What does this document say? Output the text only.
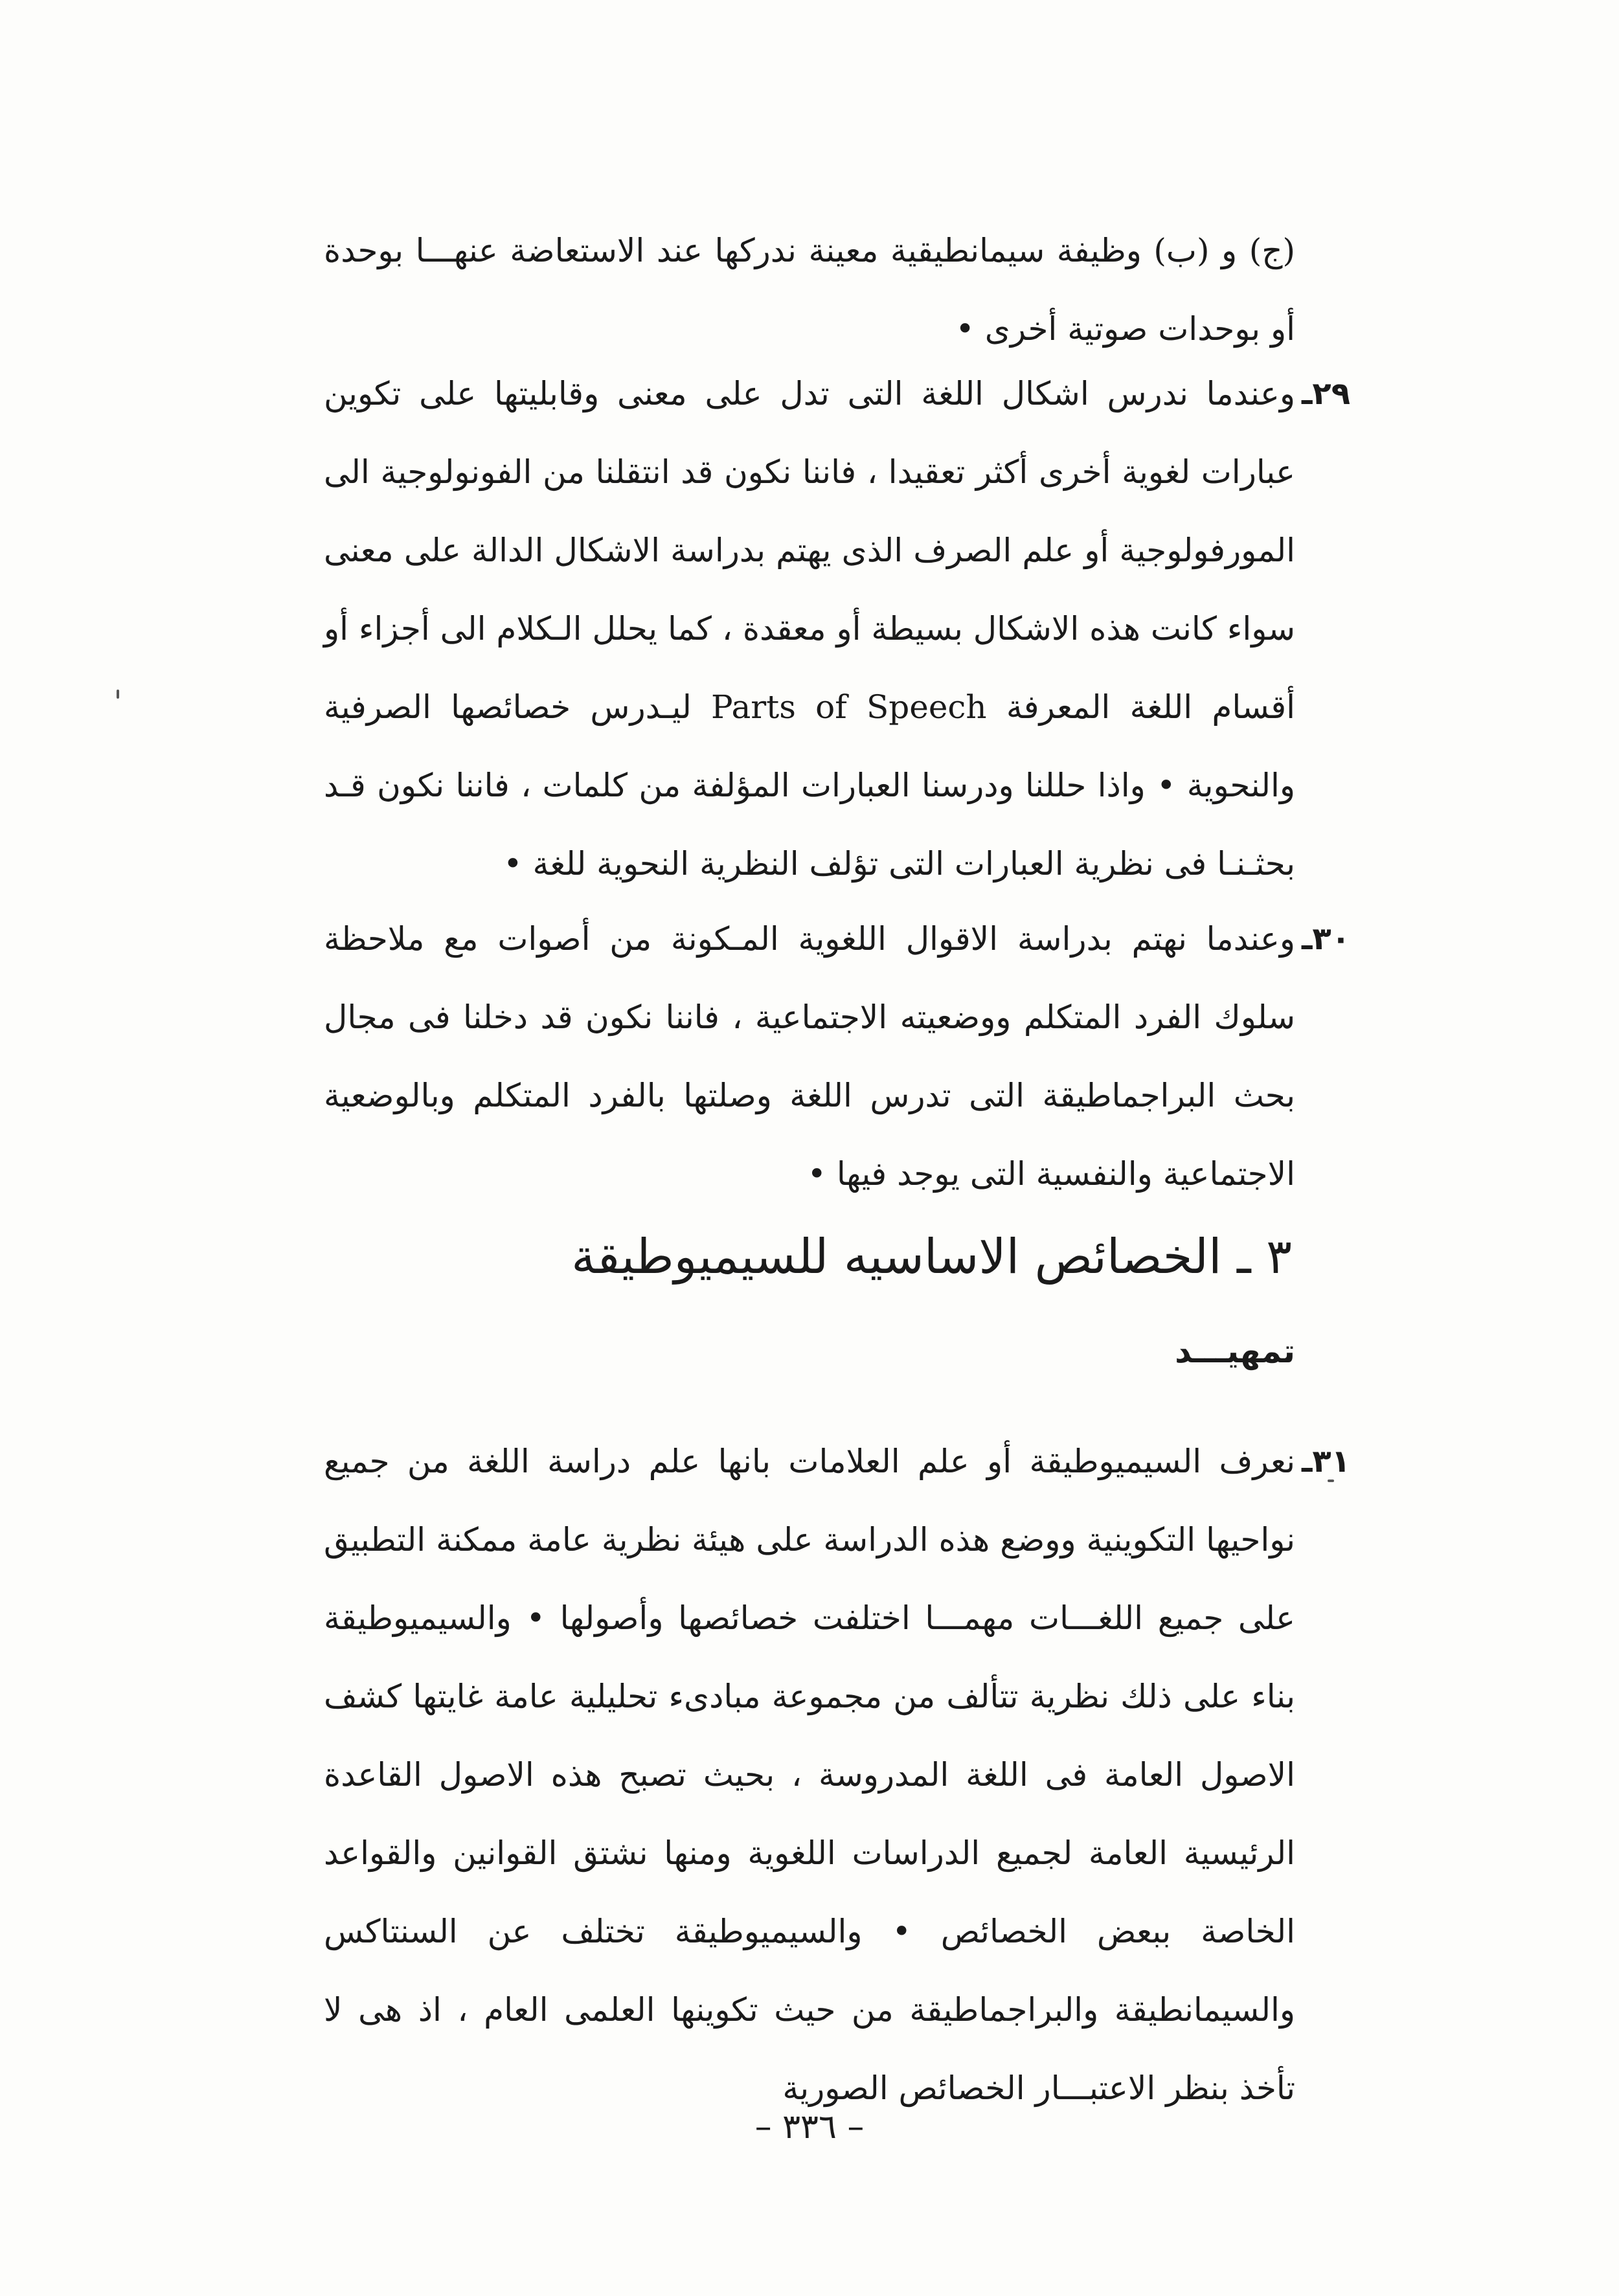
(ج) و (ب) وظيفة سيمانطيقية معينة ندركها عند الاستعاضة عنهـــا بوحدة أو بوحدات صوتية أخرى •
٢٩ـ
وعندما ندرس اشكال اللغة التى تدل على معنى وقابليتها على تكوين عبارات لغوية أخرى أكثر تعقيدا ، فاننا نكون قد انتقلنا من الفونولوجية الى المورفولوجية أو علم الصرف الذى يهتم بدراسة الاشكال الدالة على معنى سواء كانت هذه الاشكال بسيطة أو معقدة ، كما يحلل الـكلام الى أجزاء أو أقسام اللغة المعرفة Parts of Speech ليـدرس خصائصها الصرفية والنحوية • واذا حللنا ودرسنا العبارات المؤلفة من كلمات ، فاننا نكون قـد بحثـنـا فى نظرية العبارات التى تؤلف النظرية النحوية للغة •
٣٠ـ
وعندما نهتم بدراسة الاقوال اللغوية المـكونة من أصوات مع ملاحظة سلوك الفرد المتكلم ووضعيته الاجتماعية ، فاننا نكون قد دخلنا فى مجال بحث البراجماطيقة التى تدرس اللغة وصلتها بالفرد المتكلم وبالوضعية الاجتماعية والنفسية التى يوجد فيها •
٣ ـ الخصائص الاساسيه للسيميوطيقة
تمهيـــد
٣١ـ
نعرف السيميوطيقة أو علم العلامات بانها علم دراسة اللغة من جميع نواحيها التكوينية ووضع هذه الدراسة على هيئة نظرية عامة ممكنة التطبيق على جميع اللغـــات مهمـــا اختلفت خصائصها وأصولها • والسيميوطيقة بناء على ذلك نظرية تتألف من مجموعة مبادىء تحليلية عامة غايتها كشف الاصول العامة فى اللغة المدروسة ، بحيث تصبح هذه الاصول القاعدة الرئيسية العامة لجميع الدراسات اللغوية ومنها نشتق القوانين والقواعد الخاصة ببعض الخصائص • والسيميوطيقة تختلف عن السنتاكس والسيمانطيقة والبراجماطيقة من حيث تكوينها العلمى العام ، اذ هى لا تأخذ بنظر الاعتبـــار الخصائص الصورية
– ٣٣٦ –
